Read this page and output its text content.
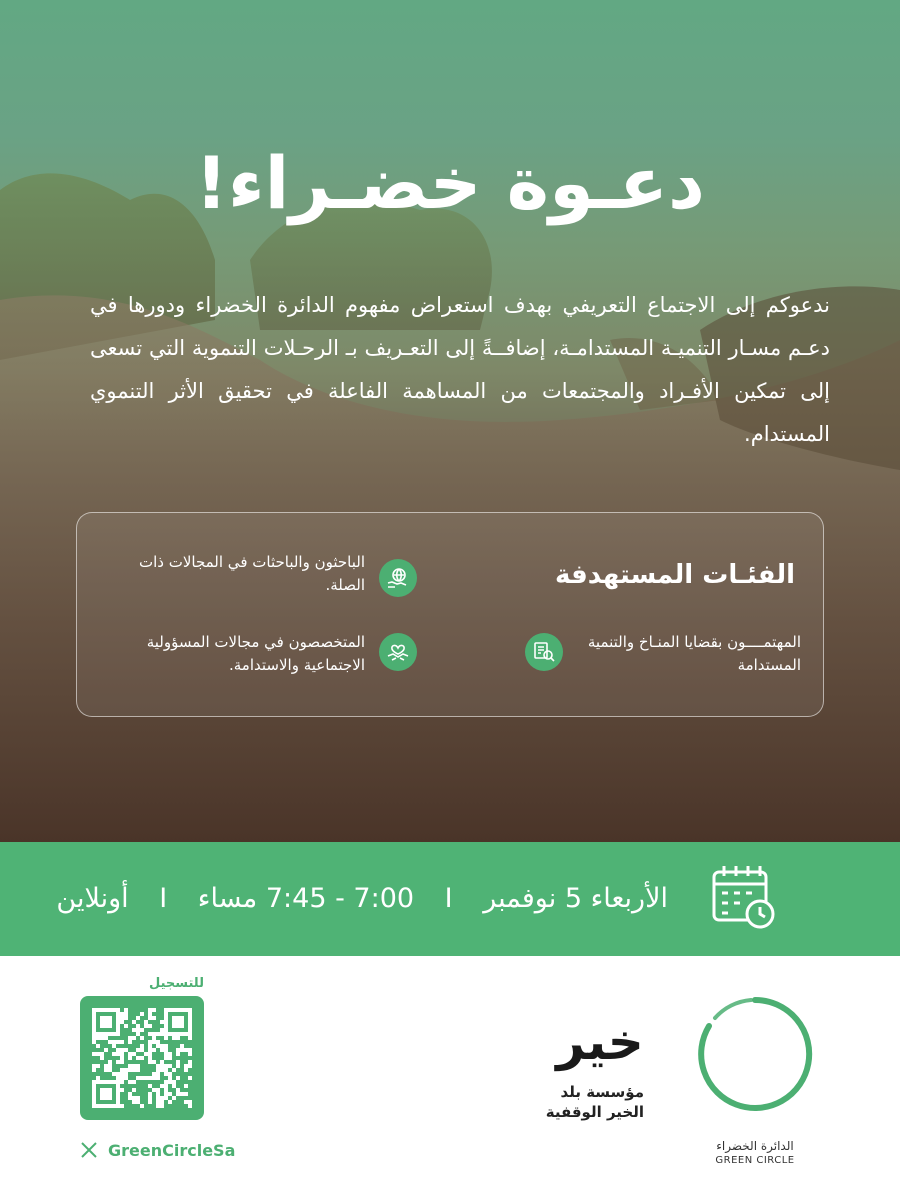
دعـوة خضـراء!
ندعوكم إلى الاجتماع التعريفي بهدف استعراض مفهوم الدائرة الخضراء ودورها في دعـم مسـار التنميـة المستدامـة، إضافــةً إلى التعـريف بـ الرحـلات التنموية التي تسعى إلى تمكين الأفـراد والمجتمعات من المساهمة الفاعلة في تحقيق الأثر التنموي المستدام.
الفئـات المستهدفة
الباحثون والباحثات في المجالات ذات الصلة.
المهتمــــون بقضايا المنـاخ والتنمية المستدامة
المتخصصون في مجالات المسؤولية الاجتماعية والاستدامة.
الأربعاء 5 نوفمبر I 7:00 - 7:45 مساء I أونلاين
للتسجيل
GreenCircleSa
خير
مؤسسة بلد
الخير الوقفية
الدائرة الخضراء
GREEN CIRCLE
